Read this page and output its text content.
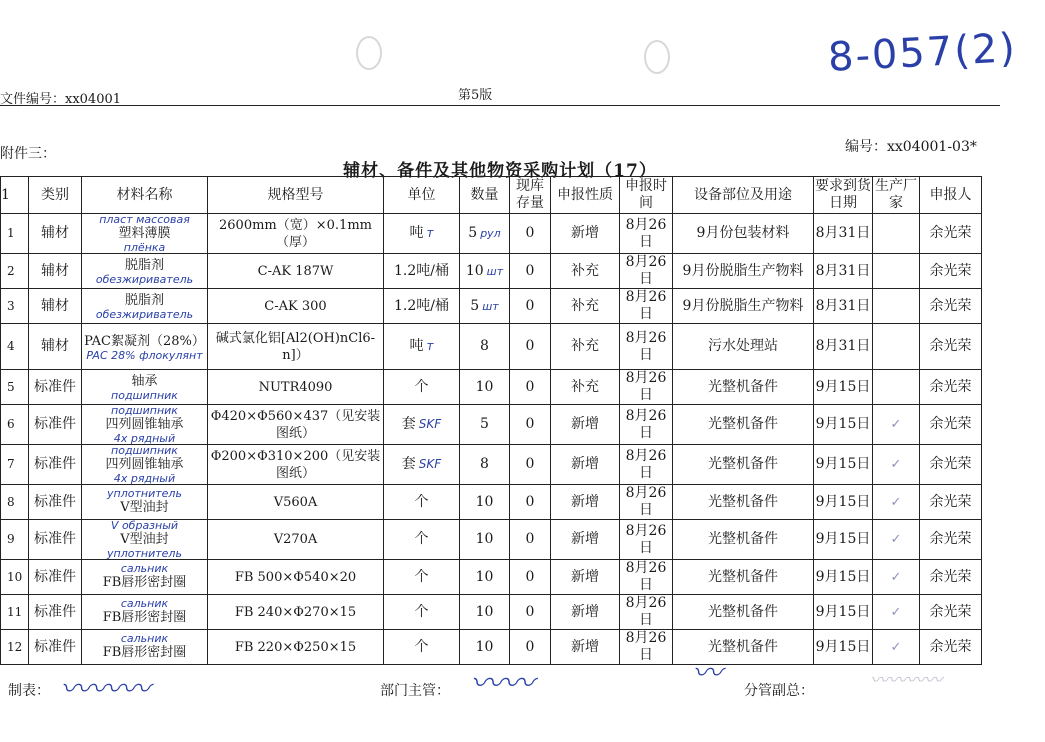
8-057(2)
文件编号：xx04001	第5版
附件三：	编号：xx04001-03*
辅材、备件及其他物资采购计划（17）
1	类别	材料名称	规格型号	单位	数量	现库存量	申报性质	申报时间	设备部位及用途	要求到货日期	生产厂家	申报人
1	辅材	пласт массовая
塑料薄膜
плёнка	2600mm（宽）×0.1mm（厚）	吨 т	5 pyл	0	新增	8月26日	9月份包装材料	8月31日		余光荣
2	辅材	脱脂剂
обезжириватель	C-AK 187W	1.2吨/桶	10 шт	0	补充	8月26日	9月份脱脂生产物料	8月31日		余光荣
3	辅材	脱脂剂
обезжириватель	C-AK 300	1.2吨/桶	5 шт	0	补充	8月26日	9月份脱脂生产物料	8月31日		余光荣
4	辅材	PAC絮凝剂（28%）
PAC 28% флокулянт	碱式氯化铝[Al2(OH)nCl6-n]）	吨 т	8	0	补充	8月26日	污水处理站	8月31日		余光荣
5	标准件	轴承
подшипник	NUTR4090	个	10	0	补充	8月26日	光整机备件	9月15日		余光荣
6	标准件	подшипник
四列圆锥轴承
4х рядный	Φ420×Φ560×437（见安装图纸）	套 SKF	5	0	新增	8月26日	光整机备件	9月15日	✓	余光荣
7	标准件	подшипник
四列圆锥轴承
4х рядный	Φ200×Φ310×200（见安装图纸）	套 SKF	8	0	新增	8月26日	光整机备件	9月15日	✓	余光荣
8	标准件	уплотнитель
V型油封	V560A	个	10	0	新增	8月26日	光整机备件	9月15日	✓	余光荣
9	标准件	V образный
V型油封
уплотнитель	V270A	个	10	0	新增	8月26日	光整机备件	9月15日	✓	余光荣
10	标准件	сальник
FB唇形密封圈	FB 500×Φ540×20	个	10	0	新增	8月26日	光整机备件	9月15日	✓	余光荣
11	标准件	сальник
FB唇形密封圈	FB 240×Φ270×15	个	10	0	新增	8月26日	光整机备件	9月15日	✓	余光荣
12	标准件	сальник
FB唇形密封圈	FB 220×Φ250×15	个	10	0	新增	8月26日	光整机备件	9月15日	✓	余光荣
制表： 〰〰〰	部门主管： 〰〰	〰 分管副总：	〰〰〰〰
